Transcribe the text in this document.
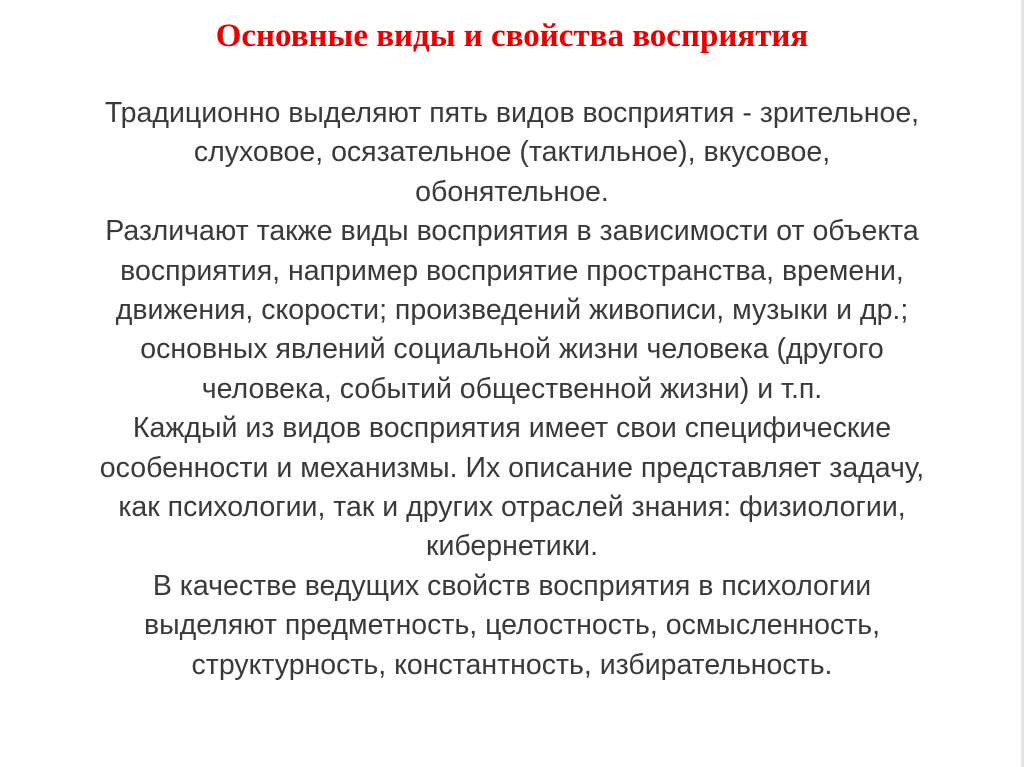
Основные виды и свойства восприятия
Традиционно выделяют пять видов восприятия - зрительное,
слуховое, осязательное (тактильное), вкусовое,
обонятельное.
Различают также виды восприятия в зависимости от объекта
восприятия, например восприятие пространства, времени,
движения, скорости; произведений живописи, музыки и др.;
основных явлений социальной жизни человека (другого
человека, событий общественной жизни) и т.п.
Каждый из видов восприятия имеет свои специфические
особенности и механизмы. Их описание представляет задачу,
как психологии, так и других отраслей знания: физиологии,
кибернетики.
В качестве ведущих свойств восприятия в психологии
выделяют предметность, целостность, осмысленность,
структурность, константность, избирательность.
